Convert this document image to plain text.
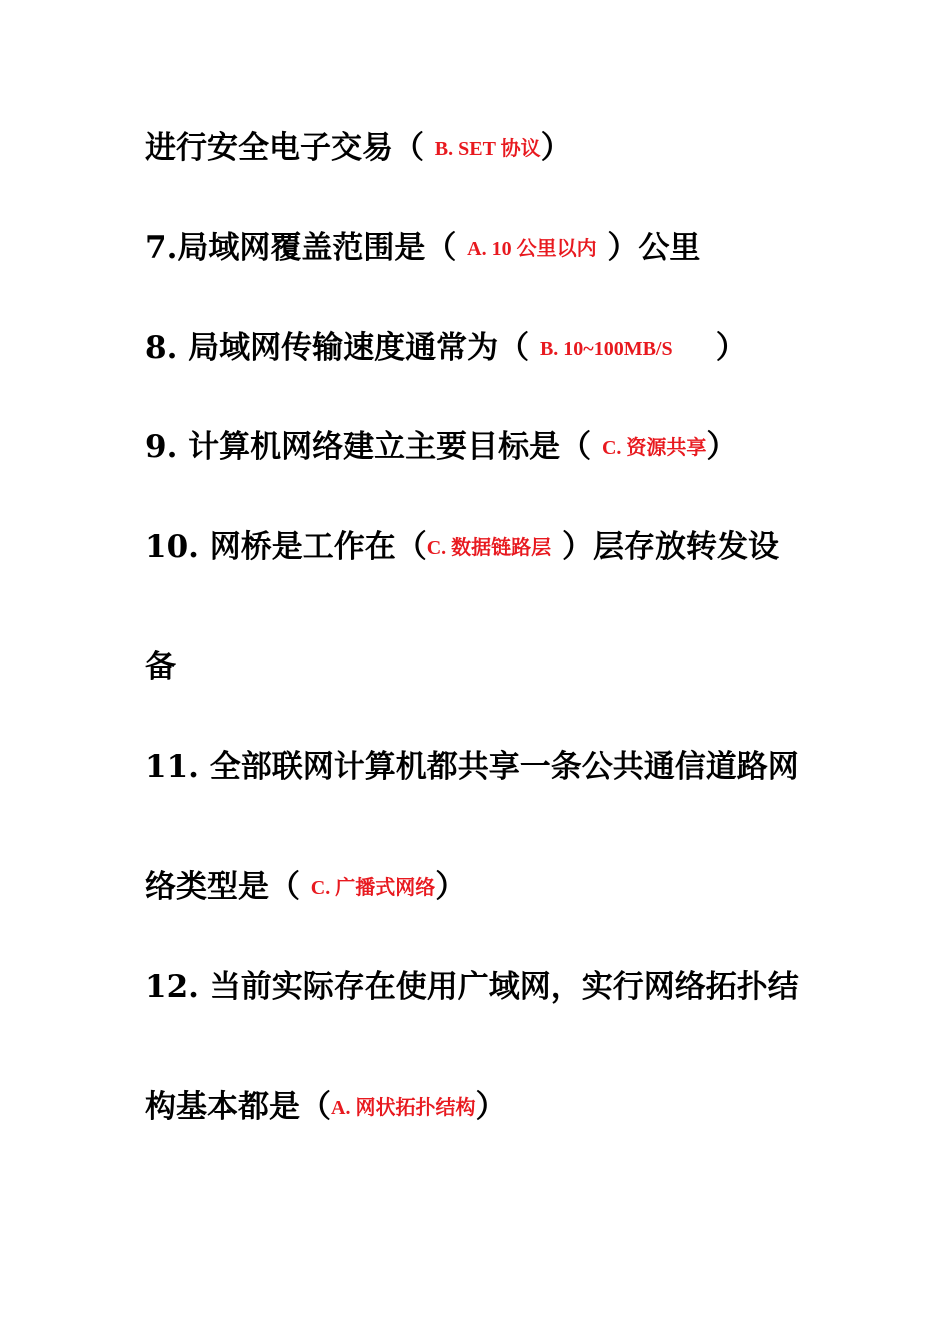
进行安全电子交易（ B. SET 协议）
7.局域网覆盖范围是（ A. 10 公里以内 ）公里
8. 局域网传输速度通常为（ B. 10~100MB/S    ）
9. 计算机网络建立主要目标是（ C. 资源共享）
10. 网桥是工作在（C. 数据链路层 ）层存放转发设
备
11. 全部联网计算机都共享一条公共通信道路网
络类型是（ C. 广播式网络）
12. 当前实际存在使用广域网，实行网络拓扑结
构基本都是（A. 网状拓扑结构）
